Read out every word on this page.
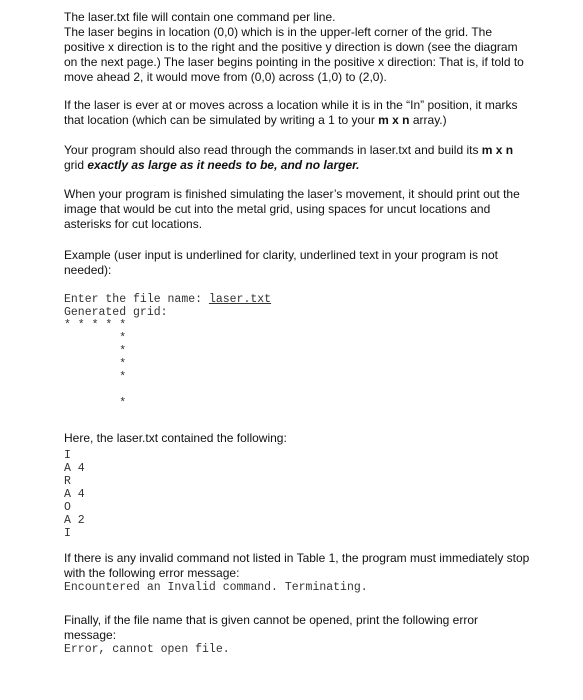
The laser.txt file will contain one command per line.

The laser begins in location (0,0) which is in the upper-left corner of the grid. The

positive x direction is to the right and the positive y direction is down (see the diagram

on the next page.) The laser begins pointing in the positive x direction: That is, if told to

move ahead 2, it would move from (0,0) across (1,0) to (2,0).

If the laser is ever at or moves across a location while it is in the “In” position, it marks

that location (which can be simulated by writing a 1 to your m x n array.)

Your program should also read through the commands in laser.txt and build its m x n

grid exactly as large as it needs to be, and no larger.

When your program is finished simulating the laser’s movement, it should print out the

image that would be cut into the metal grid, using spaces for uncut locations and

asterisks for cut locations.

Example (user input is underlined for clarity, underlined text in your program is not

needed):

Enter the file name: laser.txt

Generated grid:

* * * * *

*

*

*

*

*

Here, the laser.txt contained the following:

I

A 4

R

A 4

O

A 2

I

If there is any invalid command not listed in Table 1, the program must immediately stop

with the following error message:

Encountered an Invalid command. Terminating.

Finally, if the file name that is given cannot be opened, print the following error

message:

Error, cannot open file.
